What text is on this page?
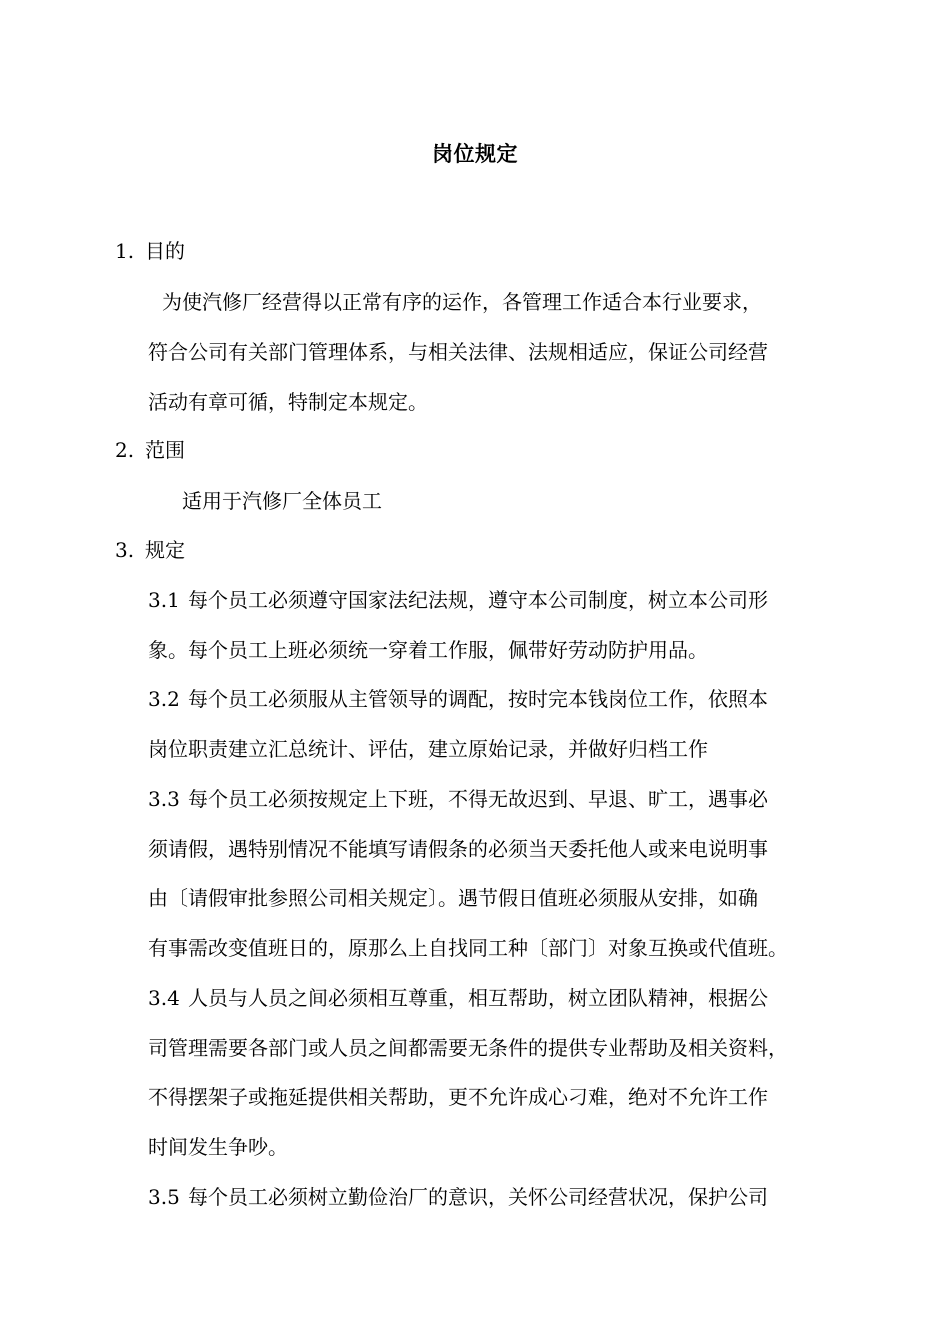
岗位规定
1. 目的
为使汽修厂经营得以正常有序的运作，各管理工作适合本行业要求，
符合公司有关部门管理体系，与相关法律、法规相适应，保证公司经营
活动有章可循，特制定本规定。
2. 范围
适用于汽修厂全体员工
3. 规定
3.1 每个员工必须遵守国家法纪法规，遵守本公司制度，树立本公司形
象。每个员工上班必须统一穿着工作服，佩带好劳动防护用品。
3.2 每个员工必须服从主管领导的调配，按时完本钱岗位工作，依照本
岗位职责建立汇总统计、评估，建立原始记录，并做好归档工作
3.3 每个员工必须按规定上下班，不得无故迟到、早退、旷工，遇事必
须请假，遇特别情况不能填写请假条的必须当天委托他人或来电说明事
由〔请假审批参照公司相关规定〕。遇节假日值班必须服从安排，如确
有事需改变值班日的，原那么上自找同工种〔部门〕对象互换或代值班。
3.4 人员与人员之间必须相互尊重，相互帮助，树立团队精神，根据公
司管理需要各部门或人员之间都需要无条件的提供专业帮助及相关资料，
不得摆架子或拖延提供相关帮助，更不允许成心刁难，绝对不允许工作
时间发生争吵。
3.5 每个员工必须树立勤俭治厂的意识，关怀公司经营状况，保护公司
